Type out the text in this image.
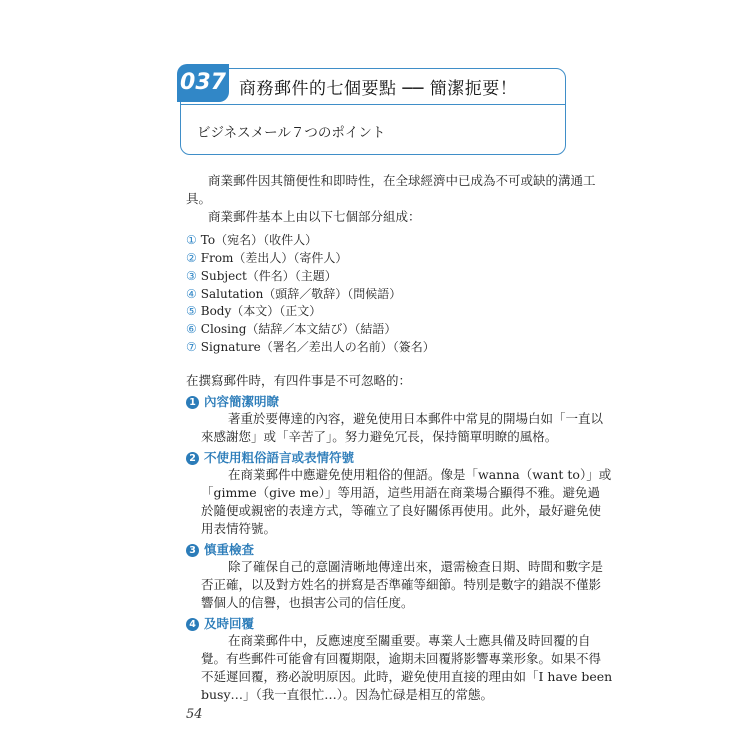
037 商務郵件的七個要點 ── 簡潔扼要！
ビジネスメール７つのポイント
商業郵件因其簡便性和即時性，在全球經濟中已成為不可或缺的溝通工
具。
商業郵件基本上由以下七個部分組成：
① To（宛名）（收件人）
② From（差出人）（寄件人）
③ Subject（件名）（主題）
④ Salutation（頭辞／敬辞）（問候語）
⑤ Body（本文）（正文）
⑥ Closing（結辞／本文結び）（結語）
⑦ Signature（署名／差出人の名前）（簽名）
在撰寫郵件時，有四件事是不可忽略的：
1 內容簡潔明瞭
著重於要傳達的內容，避免使用日本郵件中常見的開場白如「一直以
來感謝您」或「辛苦了」。努力避免冗長，保持簡單明瞭的風格。
2 不使用粗俗語言或表情符號
在商業郵件中應避免使用粗俗的俚語。像是「wanna（want to）」或
「gimme（give me）」等用語，這些用語在商業場合顯得不雅。避免過
於隨便或親密的表達方式，等確立了良好關係再使用。此外，最好避免使
用表情符號。
3 慎重檢查
除了確保自己的意圖清晰地傳達出來，還需檢查日期、時間和數字是
否正確，以及對方姓名的拼寫是否準確等細節。特別是數字的錯誤不僅影
響個人的信譽，也損害公司的信任度。
4 及時回覆
在商業郵件中，反應速度至關重要。專業人士應具備及時回覆的自
覺。有些郵件可能會有回覆期限，逾期未回覆將影響專業形象。如果不得
不延遲回覆，務必說明原因。此時，避免使用直接的理由如「I have been
busy…」（我一直很忙…）。因為忙碌是相互的常態。
54
